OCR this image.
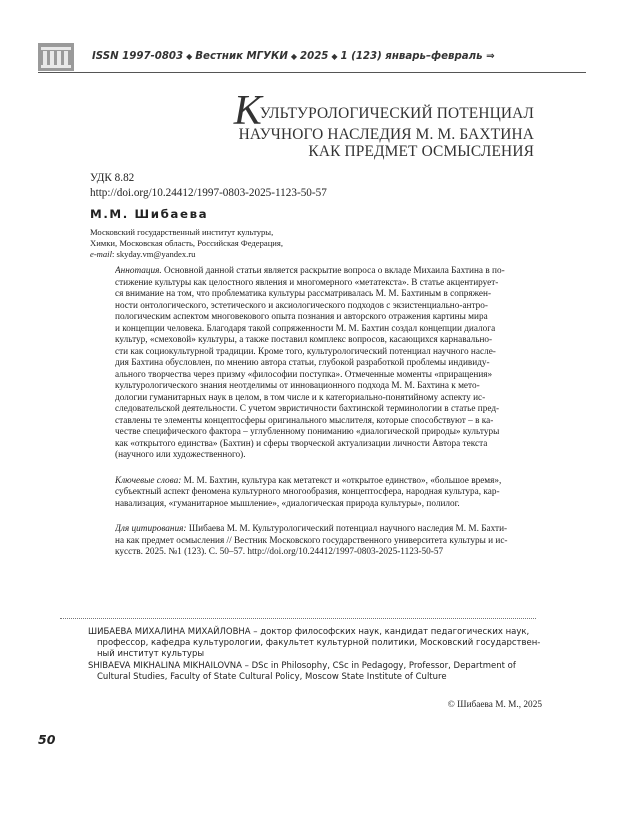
ISSN 1997-0803 ◆ Вестник МГУКИ ◆ 2025 ◆ 1 (123) январь–февраль ⇒
КУЛЬТУРОЛОГИЧЕСКИЙ ПОТЕНЦИАЛ
НАУЧНОГО НАСЛЕДИЯ М. М. БАХТИНА
КАК ПРЕДМЕТ ОСМЫСЛЕНИЯ
УДК 8.82
http://doi.org/10.24412/1997-0803-2025-1123-50-57
М.М. Шибаева
Московский государственный институт культуры,
Химки, Московская область, Российская Федерация,
e-mail: skyday.vm@yandex.ru
Аннотация. Основной данной статьи является раскрытие вопроса о вкладе Михаила Бахтина в по-
стижение культуры как целостного явления и многомерного «метатекста». В статье акцентирует-
ся внимание на том, что проблематика культуры рассматривалась М. М. Бахтиным в сопряжен-
ности онтологического, эстетического и аксиологического подходов с экзистенциально-антро-
пологическим аспектом многовекового опыта познания и авторского отражения картины мира
и концепции человека. Благодаря такой сопряженности М. М. Бахтин создал концепции диалога
культур, «смеховой» культуры, а также поставил комплекс вопросов, касающихся карнавально-
сти как социокультурной традиции. Кроме того, культурологический потенциал научного насле-
дия Бахтина обусловлен, по мнению автора статьи, глубокой разработкой проблемы индивиду-
ального творчества через призму «философии поступка». Отмеченные моменты «приращения»
культурологического знания неотделимы от инновационного подхода М. М. Бахтина к мето-
дологии гуманитарных наук в целом, в том числе и к категориально-понятийному аспекту ис-
следовательской деятельности. С учетом эвристичности бахтинской терминологии в статье пред-
ставлены те элементы концептосферы оригинального мыслителя, которые способствуют – в ка-
честве специфического фактора – углубленному пониманию «диалогической природы» культуры
как «открытого единства» (Бахтин) и сферы творческой актуализации личности Автора текста
(научного или художественного).
Ключевые слова: М. М. Бахтин, культура как метатекст и «открытое единство», «большое время»,
субъектный аспект феномена культурного многообразия, концептосфера, народная культура, кар-
навализация, «гуманитарное мышление», «диалогическая природа культуры», полилог.
Для цитирования: Шибаева М. М. Культурологический потенциал научного наследия М. М. Бахти-
на как предмет осмысления // Вестник Московского государственного университета культуры и ис-
кусств. 2025. №1 (123). С. 50–57. http://doi.org/10.24412/1997-0803-2025-1123-50-57
ШИБАЕВА МИХАЛИНА МИХАЙЛОВНА – доктор философских наук, кандидат педагогических наук,
профессор, кафедра культурологии, факультет культурной политики, Московский государствен-
ный институт культуры
SHIBAEVA MIKHALINA MIKHAILOVNA – DSc in Philosophy, CSc in Pedagogy, Professor, Department of
Cultural Studies, Faculty of State Cultural Policy, Moscow State Institute of Culture
© Шибаева М. М., 2025
50
